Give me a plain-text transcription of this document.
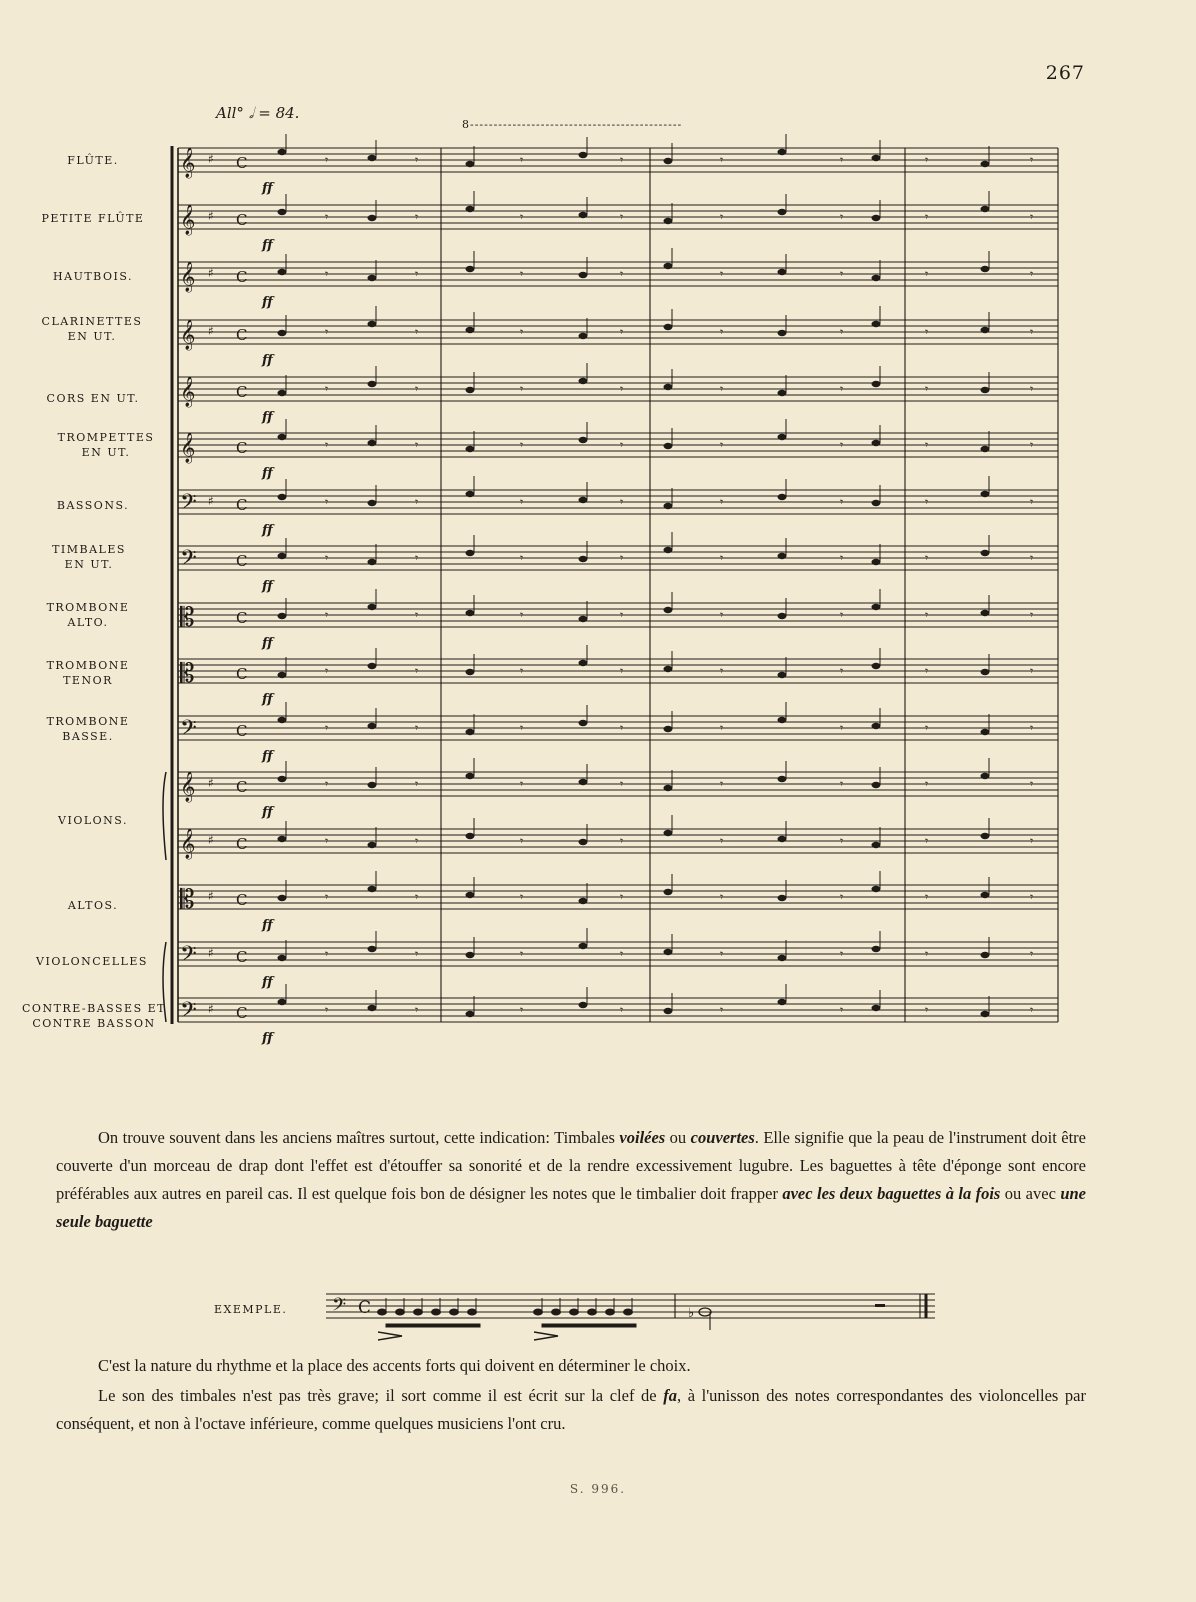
267
All° 𝅗𝅥 = 84.
8---------------------------------------------
FLÛTE.
PETITE FLÛTE
HAUTBOIS.
CLARINETTES EN UT.
CORS EN UT.
TROMPETTES EN UT.
BASSONS.
TIMBALES EN UT.
TROMBONE ALTO.
TROMBONE TENOR
TROMBONE BASSE.
VIOLONS.
ALTOS.
VIOLONCELLES
CONTRE-BASSES ET CONTRE BASSON
𝄞	C
♯
ff
𝄾	𝄾	𝄾	𝄾	𝄾	𝄾	𝄾	𝄾
𝄞	C
♯
ff
𝄾	𝄾	𝄾	𝄾	𝄾	𝄾	𝄾	𝄾
𝄞	C
♯
ff
𝄾	𝄾	𝄾	𝄾	𝄾	𝄾	𝄾	𝄾
𝄞	C
♯
ff
𝄾	𝄾	𝄾	𝄾	𝄾	𝄾	𝄾	𝄾
𝄞	C
ff
𝄾	𝄾	𝄾	𝄾	𝄾	𝄾	𝄾	𝄾
𝄞	C
ff
𝄾	𝄾	𝄾	𝄾	𝄾	𝄾	𝄾	𝄾
𝄢	C
♯
ff
𝄾	𝄾	𝄾	𝄾	𝄾	𝄾	𝄾	𝄾
𝄢	C
ff
𝄾	𝄾	𝄾	𝄾	𝄾	𝄾	𝄾	𝄾
𝄡	C
ff
𝄾	𝄾	𝄾	𝄾	𝄾	𝄾	𝄾	𝄾
𝄡	C
ff
𝄾	𝄾	𝄾	𝄾	𝄾	𝄾	𝄾	𝄾
𝄢	C
ff
𝄾	𝄾	𝄾	𝄾	𝄾	𝄾	𝄾	𝄾
𝄞	C
♯
ff
𝄾	𝄾	𝄾	𝄾	𝄾	𝄾	𝄾	𝄾
𝄞	C
♯	𝄾	𝄾	𝄾	𝄾	𝄾	𝄾	𝄾	𝄾
𝄡	C
♯
ff
𝄾	𝄾	𝄾	𝄾	𝄾	𝄾	𝄾	𝄾
𝄢	C
♯
ff
𝄾	𝄾	𝄾	𝄾	𝄾	𝄾	𝄾	𝄾
𝄢	C
♯
ff
𝄾	𝄾	𝄾	𝄾	𝄾	𝄾	𝄾	𝄾

On trouve souvent dans les anciens maîtres surtout, cette indication: Timbales voilées ou couvertes. Elle signifie que la peau de l'instrument doit être couverte d'un morceau de drap dont l'effet est d'étouffer sa sonorité et de la rendre excessivement lugubre. Les baguettes à tête d'éponge sont encore préférables aux autres en pareil cas. Il est quelque fois bon de désigner les notes que le timbalier doit frapper avec les deux baguettes à la fois ou avec une seule baguette

EXEMPLE. 𝄢 C	♭

C'est la nature du rhythme et la place des accents forts qui doivent en déterminer le choix.

Le son des timbales n'est pas très grave; il sort comme il est écrit sur la clef de fa, à l'unisson des notes correspondantes des violoncelles par conséquent, et non à l'octave inférieure, comme quelques musiciens l'ont cru.

S. 996.
